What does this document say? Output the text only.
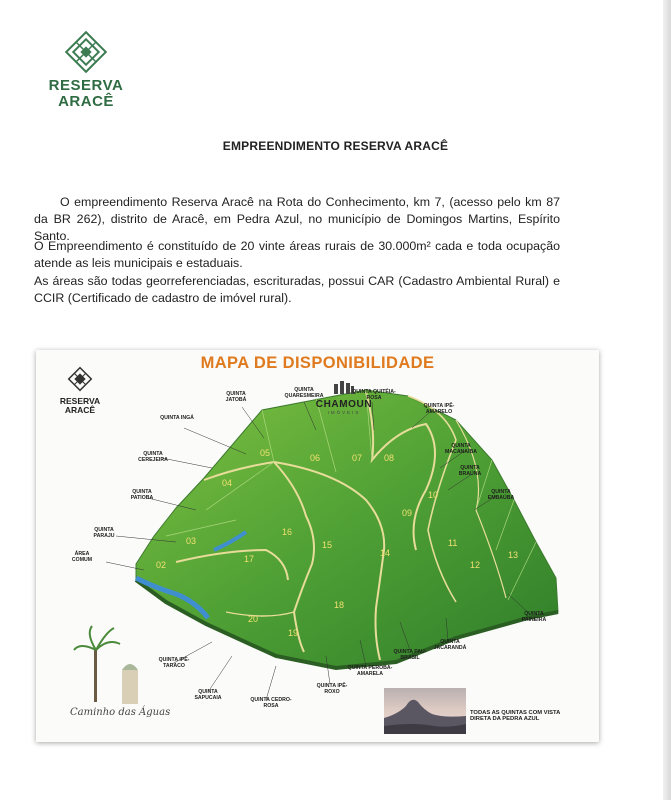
RESERVA
ARACÊ
EMPREENDIMENTO RESERVA ARACÊ
O empreendimento Reserva Aracê na Rota do Conhecimento, km 7, (acesso pelo km 87 da BR 262), distrito de Aracê, em Pedra Azul, no município de Domingos Martins, Espírito Santo.
O Empreendimento é constituído de 20 vinte áreas rurais de 30.000m² cada e toda ocupação atende as leis municipais e estaduais.
As áreas são todas georreferenciadas, escrituradas, possui CAR (Cadastro Ambiental Rural) e CCIR (Certificado de cadastro de imóvel rural).
MAPA DE DISPONIBILIDADE
RESERVA
ARACÊ	CHAMOUN
IMÓVEIS
QUINTA JATOBÁ
QUINTA QUARESMEIRA
QUINTA QUITÉIA-ROSA
QUINTA IPÊ-AMARELO
QUINTA INGÁ
QUINTA CEREJEIRA
QUINTA MACANAÍBA
QUINTA BRAÚNA
QUINTA PATIOBA
QUINTA EMBAÚBA
QUINTA PARAJU
ÁREA COMUM
QUINTA PAINEIRA
QUINTA JACARANDÁ
QUINTA PAU-BRASIL
QUINTA IPÊ-TARACO	QUINTA PEROBA-AMARELA
QUINTA IPÊ-ROXO
QUINTA SAPUCAIA	QUINTA CEDRO-ROSA
02
03
04
05	06	07 08
09
10
11
12
13
14
15
16
17
18
19
20
Caminho das Águas	TODAS AS QUINTAS COM VISTA DIRETA DA PEDRA AZUL
